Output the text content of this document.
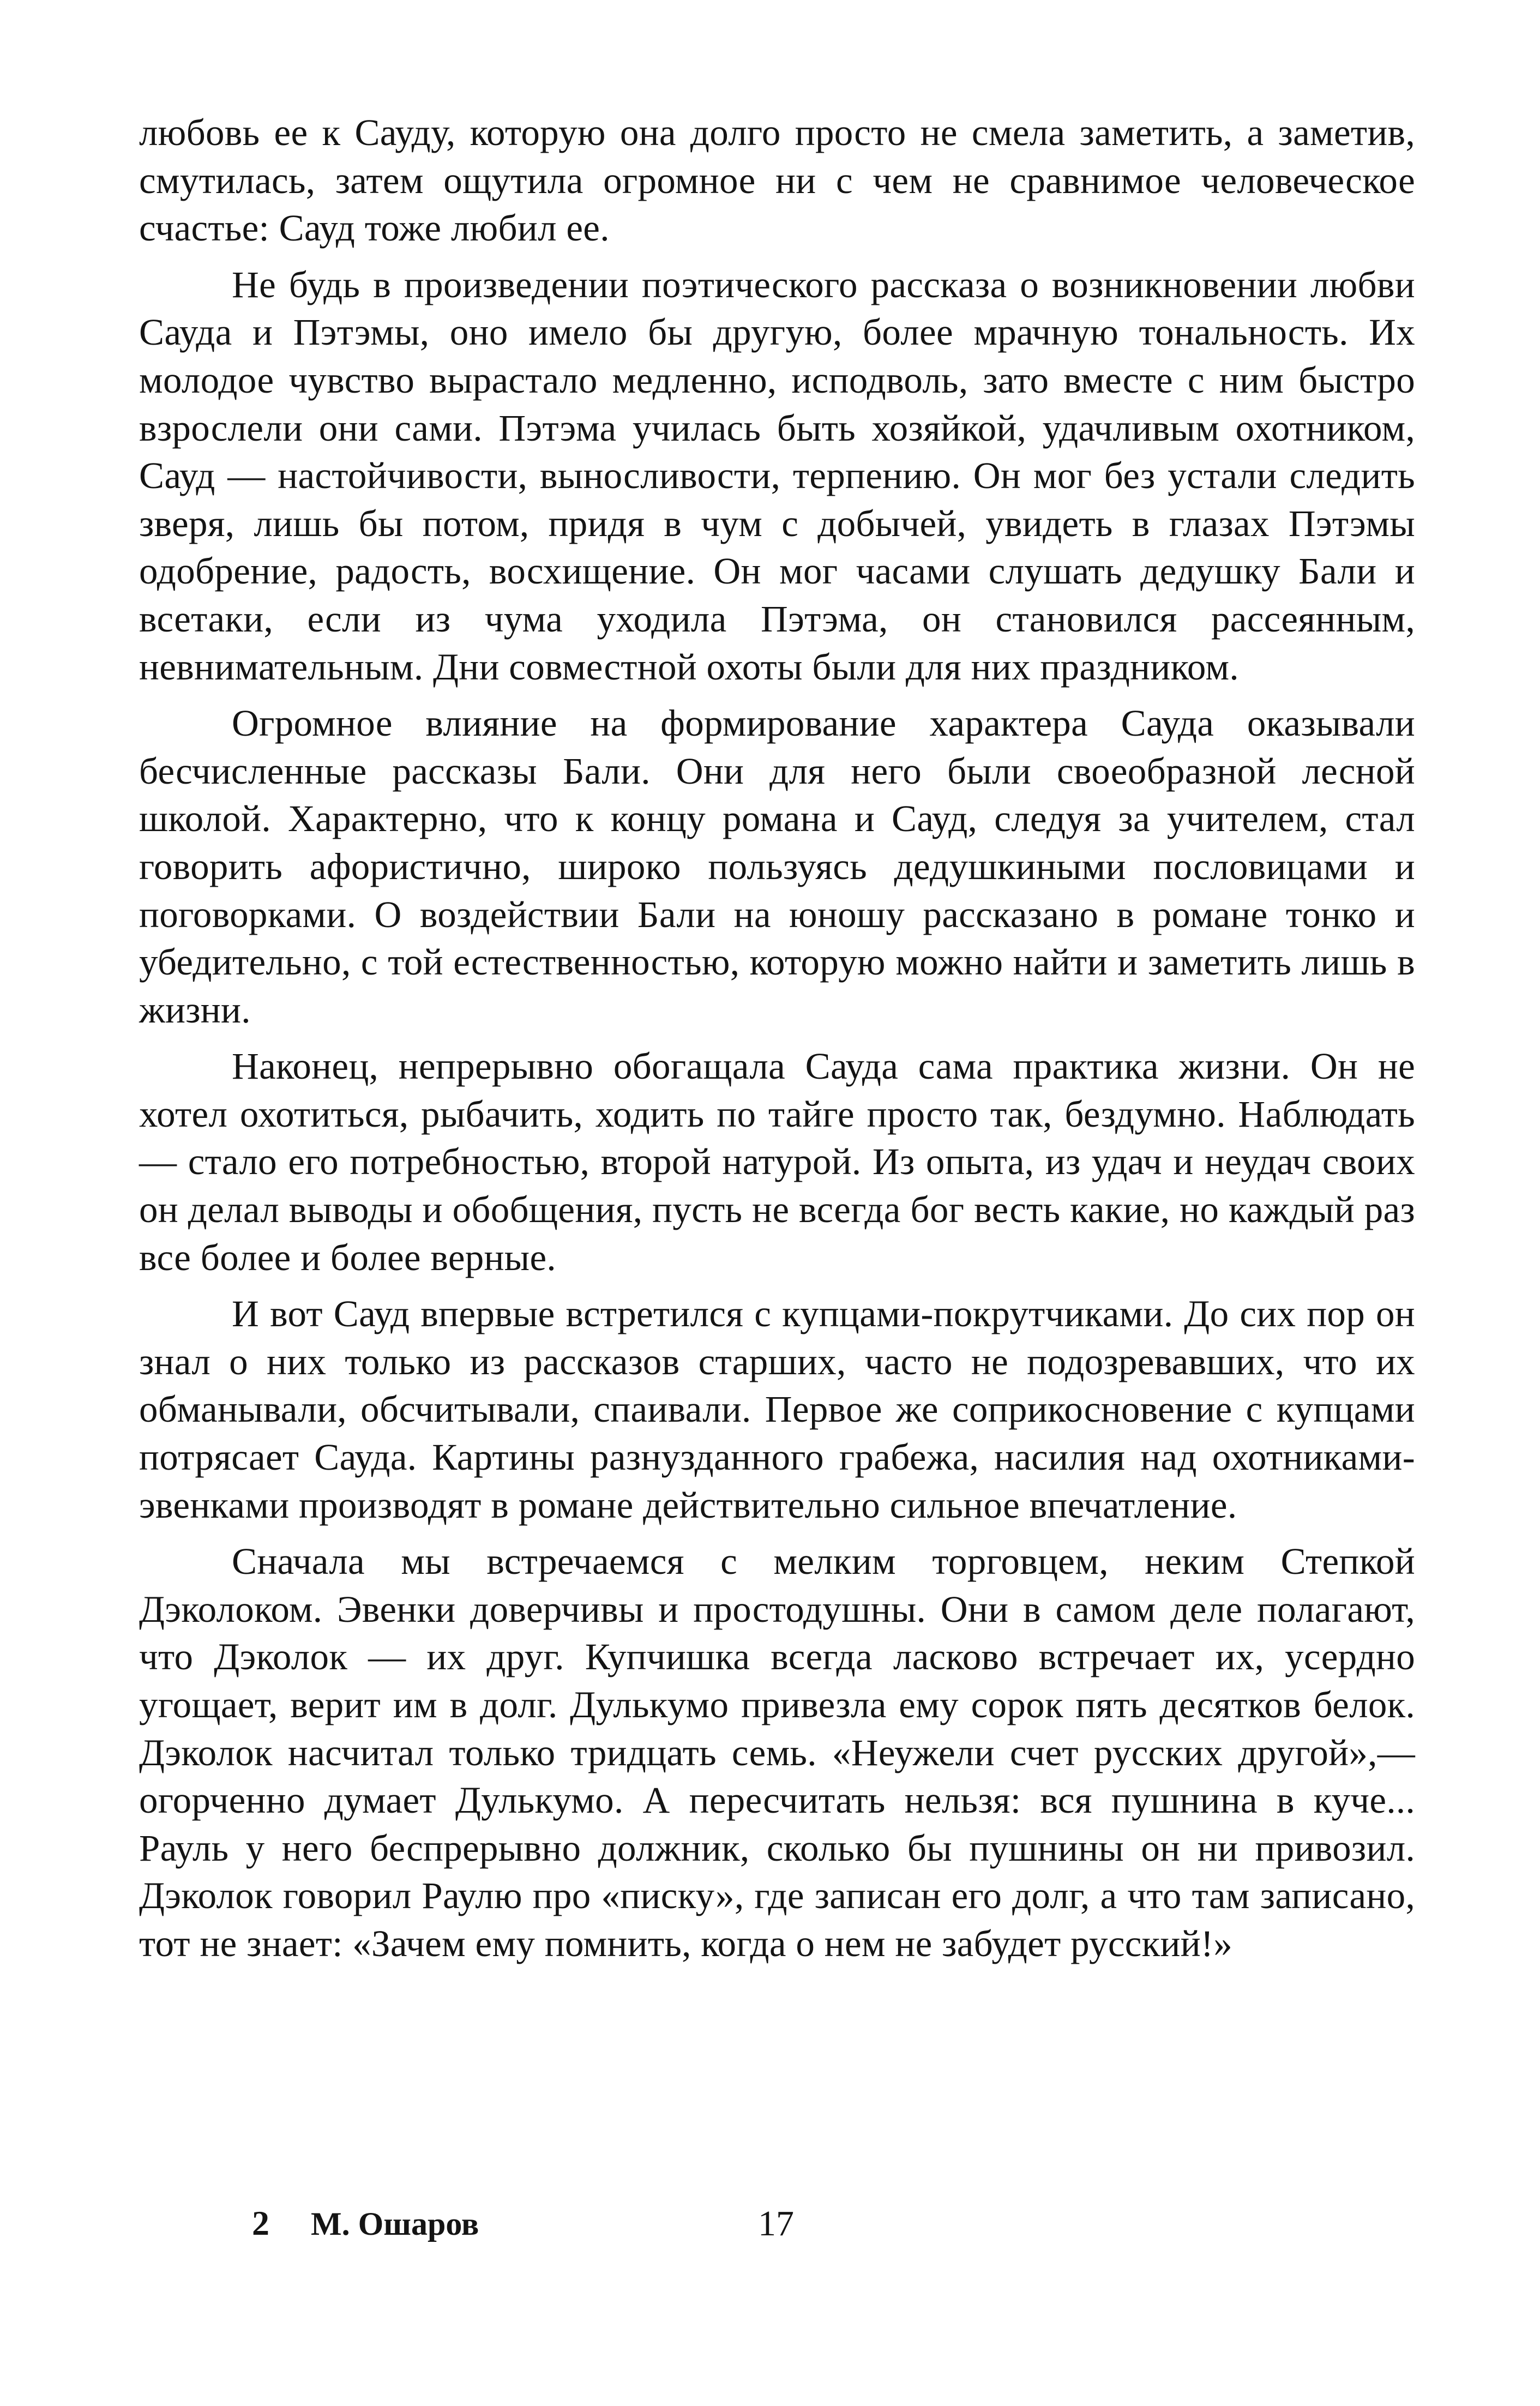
любовь ее к Сауду, которую она долго просто не смела заметить, а заметив, смутилась, затем ощутила огромное ни с чем не сравнимое человеческое счастье: Сауд тоже любил ее.

Не будь в произведении поэтического рассказа о возникновении любви Сауда и Пэтэмы, оно имело бы другую, более мрачную тональность. Их молодое чувство вырастало медленно, исподволь, зато вместе с ним быстро взрослели они сами. Пэтэма училась быть хозяйкой, удачливым охотником, Сауд — настойчивости, выносливости, терпению. Он мог без устали следить зверя, лишь бы потом, придя в чум с добычей, увидеть в глазах Пэтэмы одобрение, радость, восхищение. Он мог часами слушать дедушку Бали и всетаки, если из чума уходила Пэтэма, он становился рассеянным, невнимательным. Дни совместной охоты были для них праздником.

Огромное влияние на формирование характера Сауда оказывали бесчисленные рассказы Бали. Они для него были своеобразной лесной школой. Характерно, что к концу романа и Сауд, следуя за учителем, стал говорить афористично, широко пользуясь дедушкиными пословицами и поговорками. О воздействии Бали на юношу рассказано в романе тонко и убедительно, с той естественностью, которую можно найти и заметить лишь в жизни.

Наконец, непрерывно обогащала Сауда сама практика жизни. Он не хотел охотиться, рыбачить, ходить по тайге просто так, бездумно. Наблюдать — стало его потребностью, второй натурой. Из опыта, из удач и неудач своих он делал выводы и обобщения, пусть не всегда бог весть какие, но каждый раз все более и более верные.

И вот Сауд впервые встретился с купцами-покрутчиками. До сих пор он знал о них только из рассказов старших, часто не подозревавших, что их обманывали, обсчитывали, спаивали. Первое же соприкосновение с купцами потрясает Сауда. Картины разнузданного грабежа, насилия над охотниками-эвенками производят в романе действительно сильное впечатление.

Сначала мы встречаемся с мелким торговцем, неким Степкой Дэколоком. Эвенки доверчивы и простодушны. Они в самом деле полагают, что Дэколок — их друг. Купчишка всегда ласково встречает их, усердно угощает, верит им в долг. Дулькумо привезла ему сорок пять десятков белок. Дэколок насчитал только тридцать семь. «Неужели счет русских другой»,— огорченно думает Дулькумо. А пересчитать нельзя: вся пушнина в куче... Рауль у него беспрерывно должник, сколько бы пушнины он ни привозил. Дэколок говорил Раулю про «писку», где записан его долг, а что там записано, тот не знает: «Зачем ему помнить, когда о нем не забудет русский!»

2 М. Ошаров	17
